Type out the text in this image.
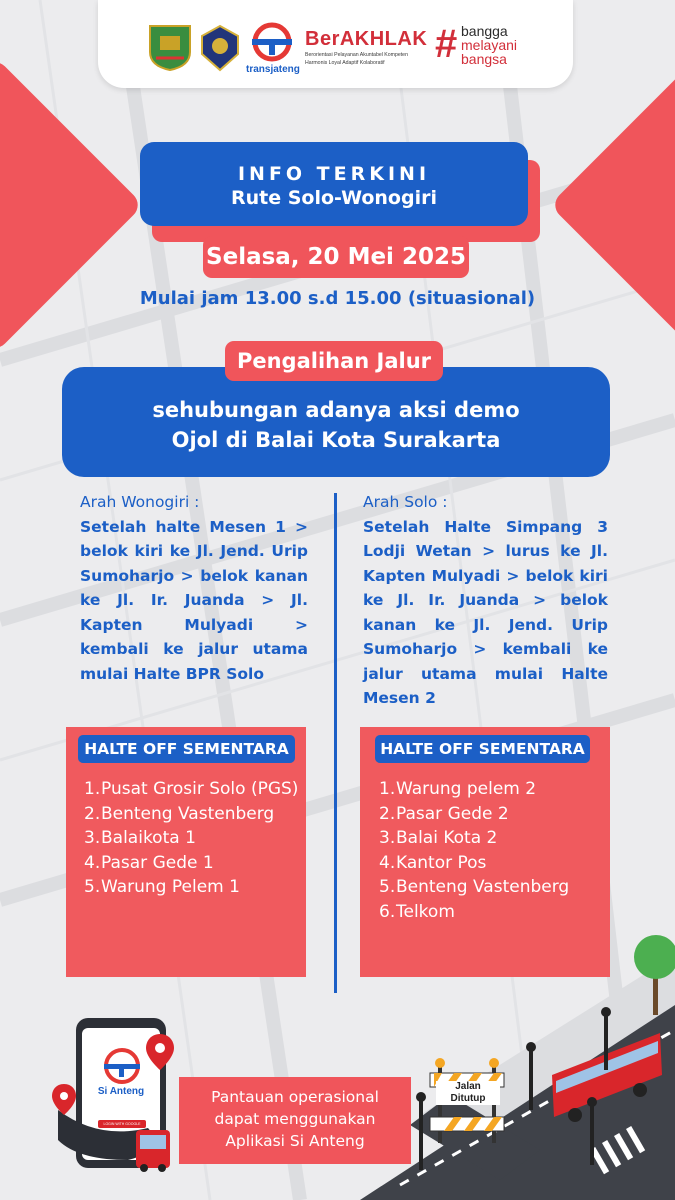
transjateng
BerAKHLAK
Berorientasi Pelayanan Akuntabel Kompeten Harmonis Loyal Adaptif Kolaboratif	# bangga
melayani
bangsa
INFO TERKINI
Rute Solo-Wonogiri
Selasa, 20 Mei 2025
Mulai jam 13.00 s.d 15.00 (situasional)
sehubungan adanya aksi demo
Ojol di Balai Kota Surakarta
Pengalihan Jalur
Arah Wonogiri :
Setelah halte Mesen 1 > belok kiri ke Jl. Jend. Urip Sumoharjo > belok kanan ke Jl. Ir. Juanda > Jl. Kapten Mulyadi > kembali ke jalur utama mulai Halte BPR Solo
Arah Solo :
Setelah Halte Simpang 3 Lodji Wetan > lurus ke Jl. Kapten Mulyadi > belok kiri ke Jl. Ir. Juanda > belok kanan ke Jl. Jend. Urip Sumoharjo > kembali ke jalur utama mulai Halte Mesen 2
HALTE OFF SEMENTARA
1. Pusat Grosir Solo (PGS)
2. Benteng Vastenberg
3. Balaikota 1
4. Pasar Gede 1
5. Warung Pelem 1
HALTE OFF SEMENTARA
1. Warung pelem 2
2. Pasar Gede 2
3. Balai Kota 2
4. Kantor Pos
5. Benteng Vastenberg
6. Telkom
Jalan
Ditutup
Si Anteng
LOGIN WITH GOOGLE
Pantauan operasional
dapat menggunakan
Aplikasi Si Anteng
